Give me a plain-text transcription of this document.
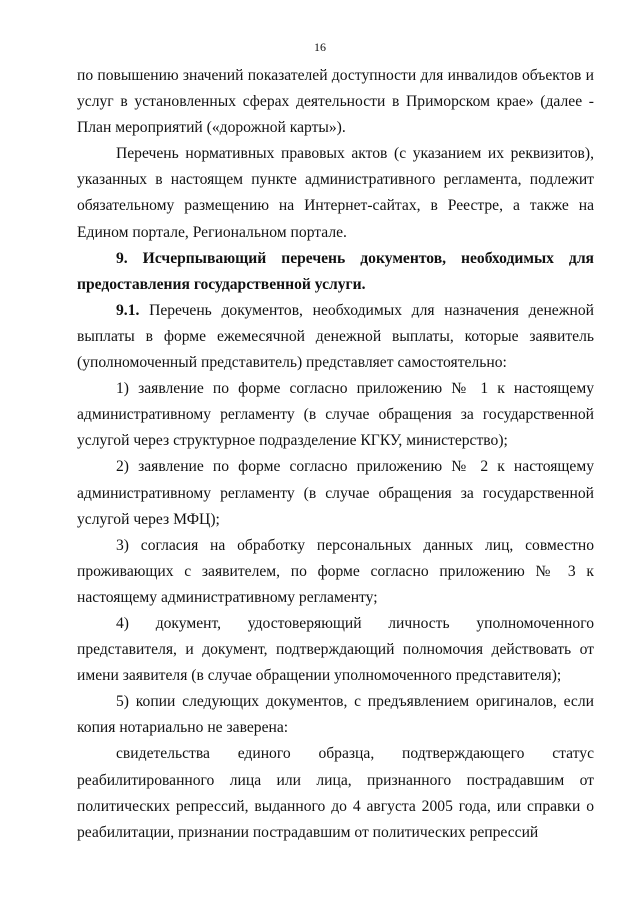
16

по повышению значений показателей доступности для инвалидов объектов и услуг в установленных сферах деятельности в Приморском крае» (далее - План мероприятий («дорожной карты»).

Перечень нормативных правовых актов (с указанием их реквизитов), указанных в настоящем пункте административного регламента, подлежит обязательному размещению на Интернет-сайтах, в Реестре, а также на Едином портале, Региональном портале.

9. Исчерпывающий перечень документов, необходимых для предоставления государственной услуги.

9.1. Перечень документов, необходимых для назначения денежной выплаты в форме ежемесячной денежной выплаты, которые заявитель (уполномоченный представитель) представляет самостоятельно:

1) заявление по форме согласно приложению № 1 к настоящему административному регламенту (в случае обращения за государственной услугой через структурное подразделение КГКУ, министерство);

2) заявление по форме согласно приложению № 2 к настоящему административному регламенту (в случае обращения за государственной услугой через МФЦ);

3) согласия на обработку персональных данных лиц, совместно проживающих с заявителем, по форме согласно приложению № 3 к настоящему административному регламенту;

4) документ, удостоверяющий личность уполномоченного представителя, и документ, подтверждающий полномочия действовать от имени заявителя (в случае обращении уполномоченного представителя);

5) копии следующих документов, с предъявлением оригиналов, если копия нотариально не заверена:

свидетельства единого образца, подтверждающего статус реабилитированного лица или лица, признанного пострадавшим от политических репрессий, выданного до 4 августа 2005 года, или справки о реабилитации, признании пострадавшим от политических репрессий
